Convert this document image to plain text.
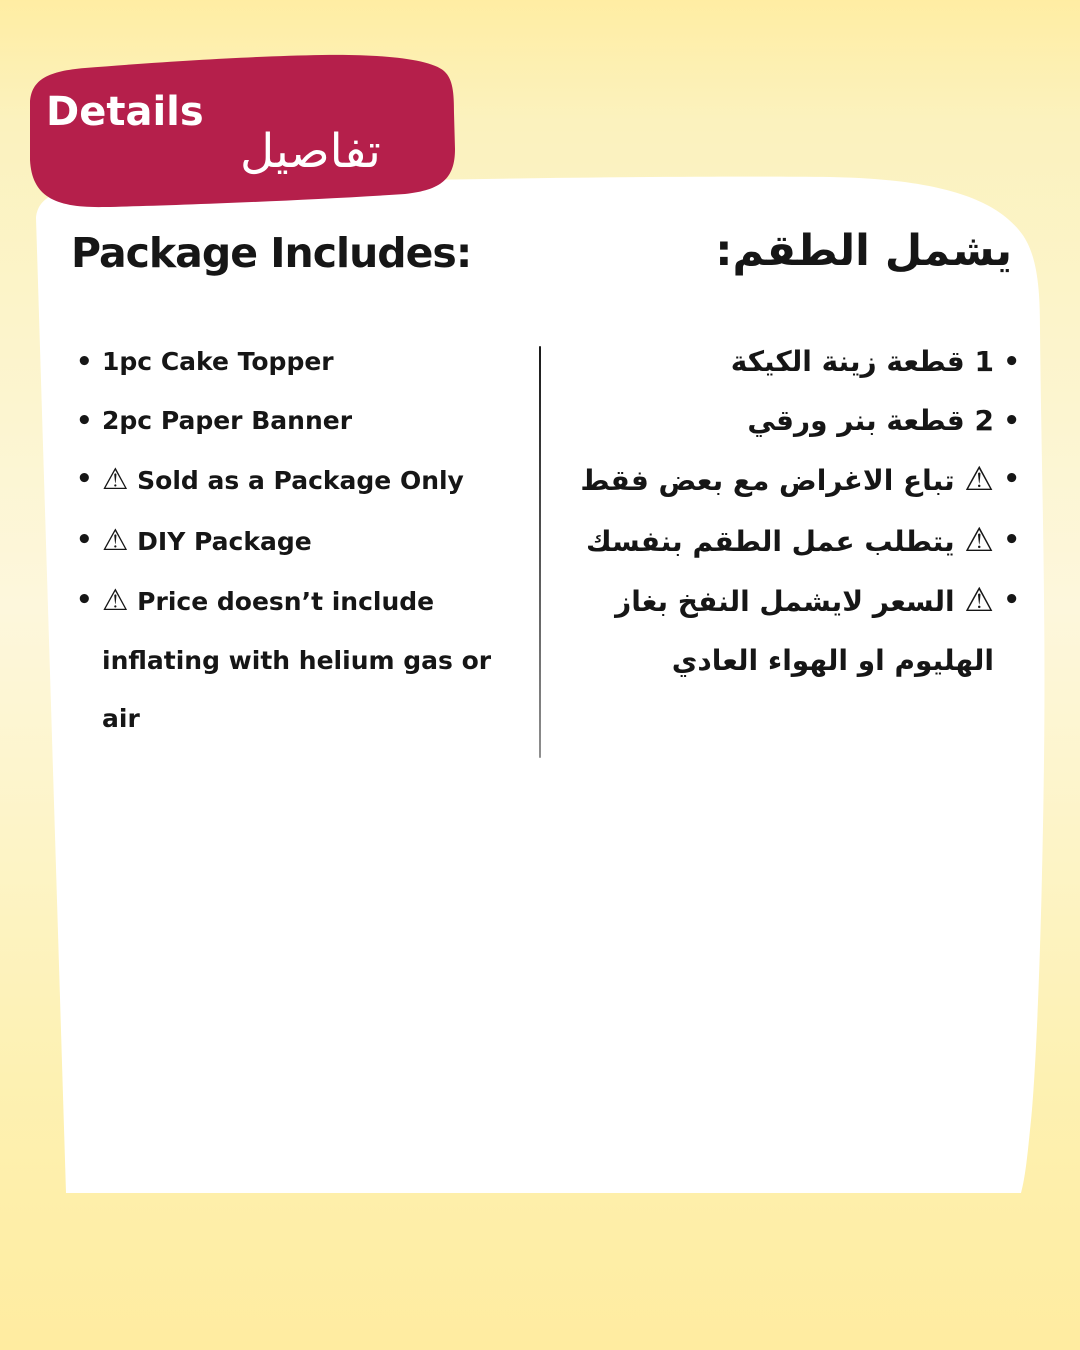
Details
تفاصيل
Package Includes:	يشمل الطقم:
• 1pc Cake Topper
• 2pc Paper Banner
• ⚠ Sold as a Package Only
• ⚠ DIY Package
• ⚠ Price doesn’t include
inflating with helium gas or air
•
1 قطعة زينة الكيكة
•
2 قطعة بنر ورقي
•
⚠ تباع الاغراض مع بعض فقط
•
⚠ يتطلب عمل الطقم بنفسك
•
⚠ السعر لايشمل النفخ بغاز
الهليوم او الهواء العادي
